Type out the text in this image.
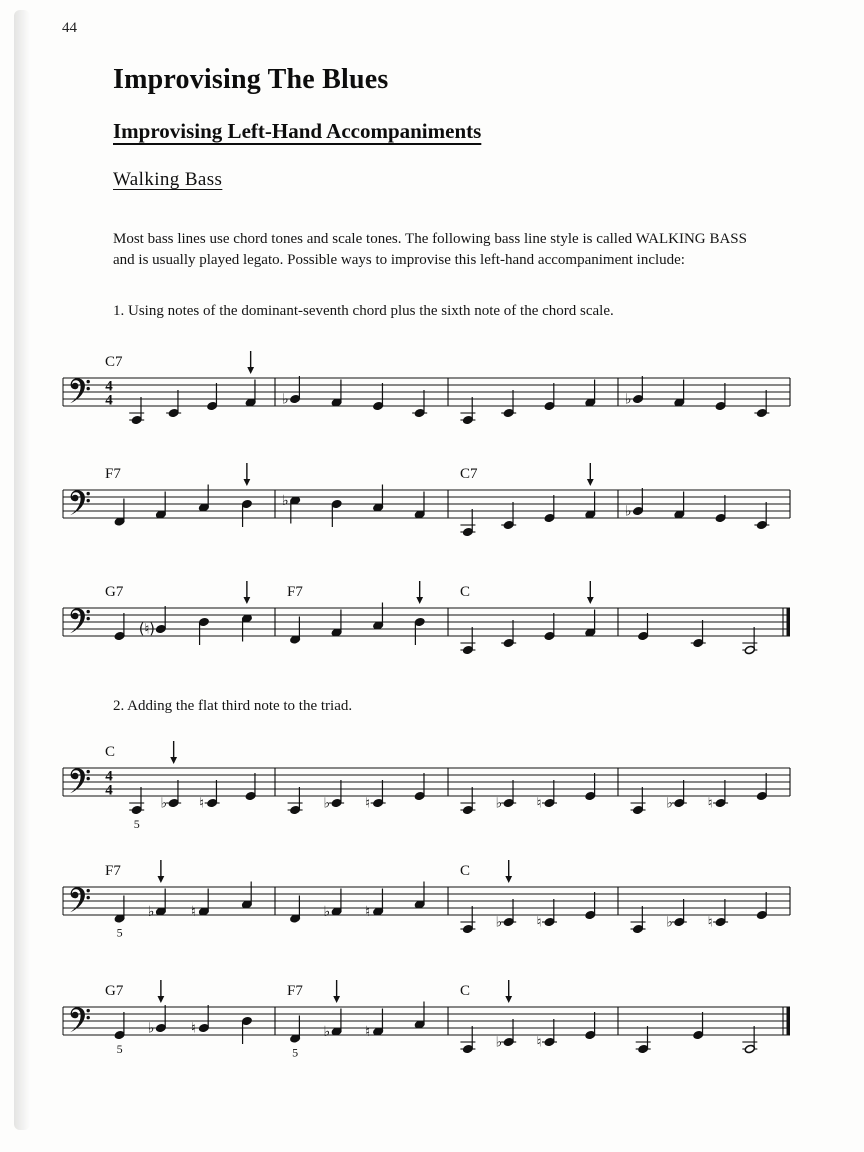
44
Improvising The Blues
Improvising Left-Hand Accompaniments
Walking Bass

Most bass lines use chord tones and scale tones. The following bass line style is called WALKING BASS and is usually played legato. Possible ways to improvise this left-hand accompaniment include:

1. Using notes of the dominant-seventh chord plus the sixth note of the chord scale.

2. Adding the flat third note to the triad.

4
4
C7
♭	♭
F7
♭
C7
♭
G7
(♮)
F7	C
4
4
C
5
♭ ♮	♭ ♮	♭ ♮	♭ ♮
F7
5
♭	♮	♭ ♮
C
♭ ♮	♭ ♮
G7
5
♭	♮
F7
5
♭ ♮
C
♭ ♮
